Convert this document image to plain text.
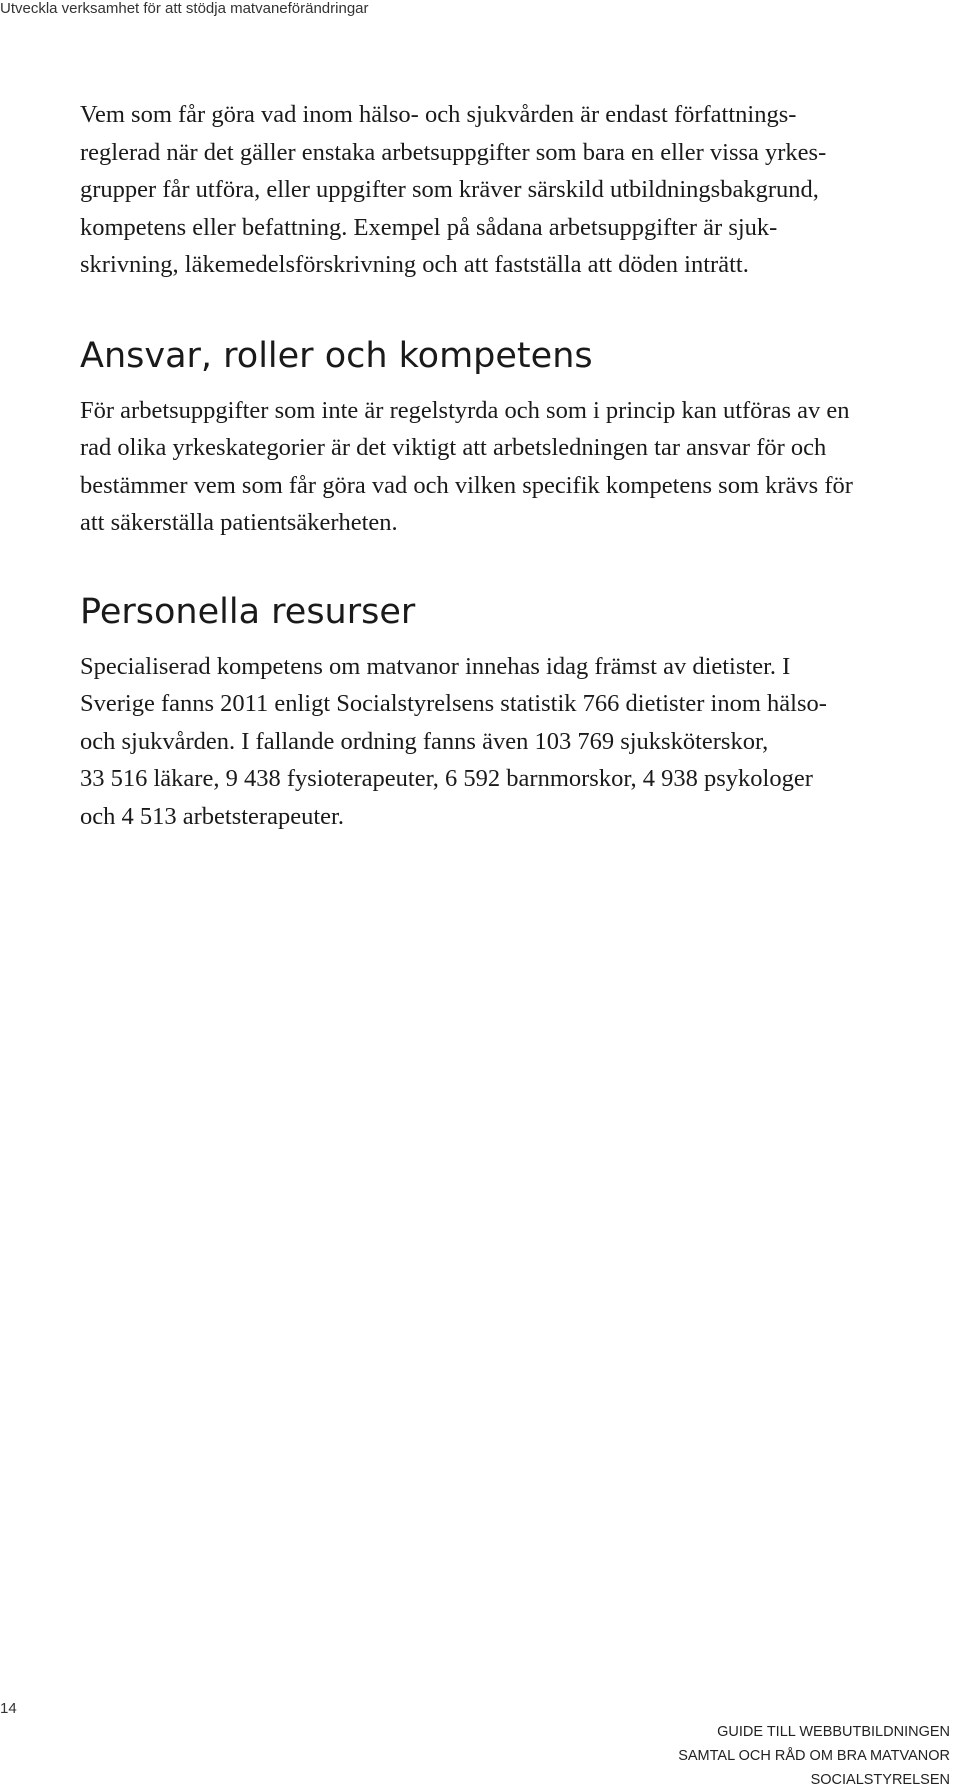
Utveckla verksamhet för att stödja matvaneförändringar

Vem som får göra vad inom hälso- och sjukvården är endast författnings-
reglerad när det gäller enstaka arbetsuppgifter som bara en eller vissa yrkes-
grupper får utföra, eller uppgifter som kräver särskild utbildningsbakgrund,
kompetens eller befattning. Exempel på sådana arbetsuppgifter är sjuk-
skrivning, läkemedelsförskrivning och att fastställa att döden inträtt.

Ansvar, roller och kompetens

För arbetsuppgifter som inte är regelstyrda och som i princip kan utföras av en
rad olika yrkeskategorier är det viktigt att arbetsledningen tar ansvar för och
bestämmer vem som får göra vad och vilken specifik kompetens som krävs för
att säkerställa patientsäkerheten.

Personella resurser

Specialiserad kompetens om matvanor innehas idag främst av dietister. I
Sverige fanns 2011 enligt Socialstyrelsens statistik 766 dietister inom hälso-
och sjukvården. I fallande ordning fanns även 103 769 sjuksköterskor,
33 516 läkare, 9 438 fysioterapeuter, 6 592 barnmorskor, 4 938 psykologer
och 4 513 arbetsterapeuter.

14
GUIDE TILL WEBBUTBILDNINGEN
SAMTAL OCH RÅD OM BRA MATVANOR
SOCIALSTYRELSEN
